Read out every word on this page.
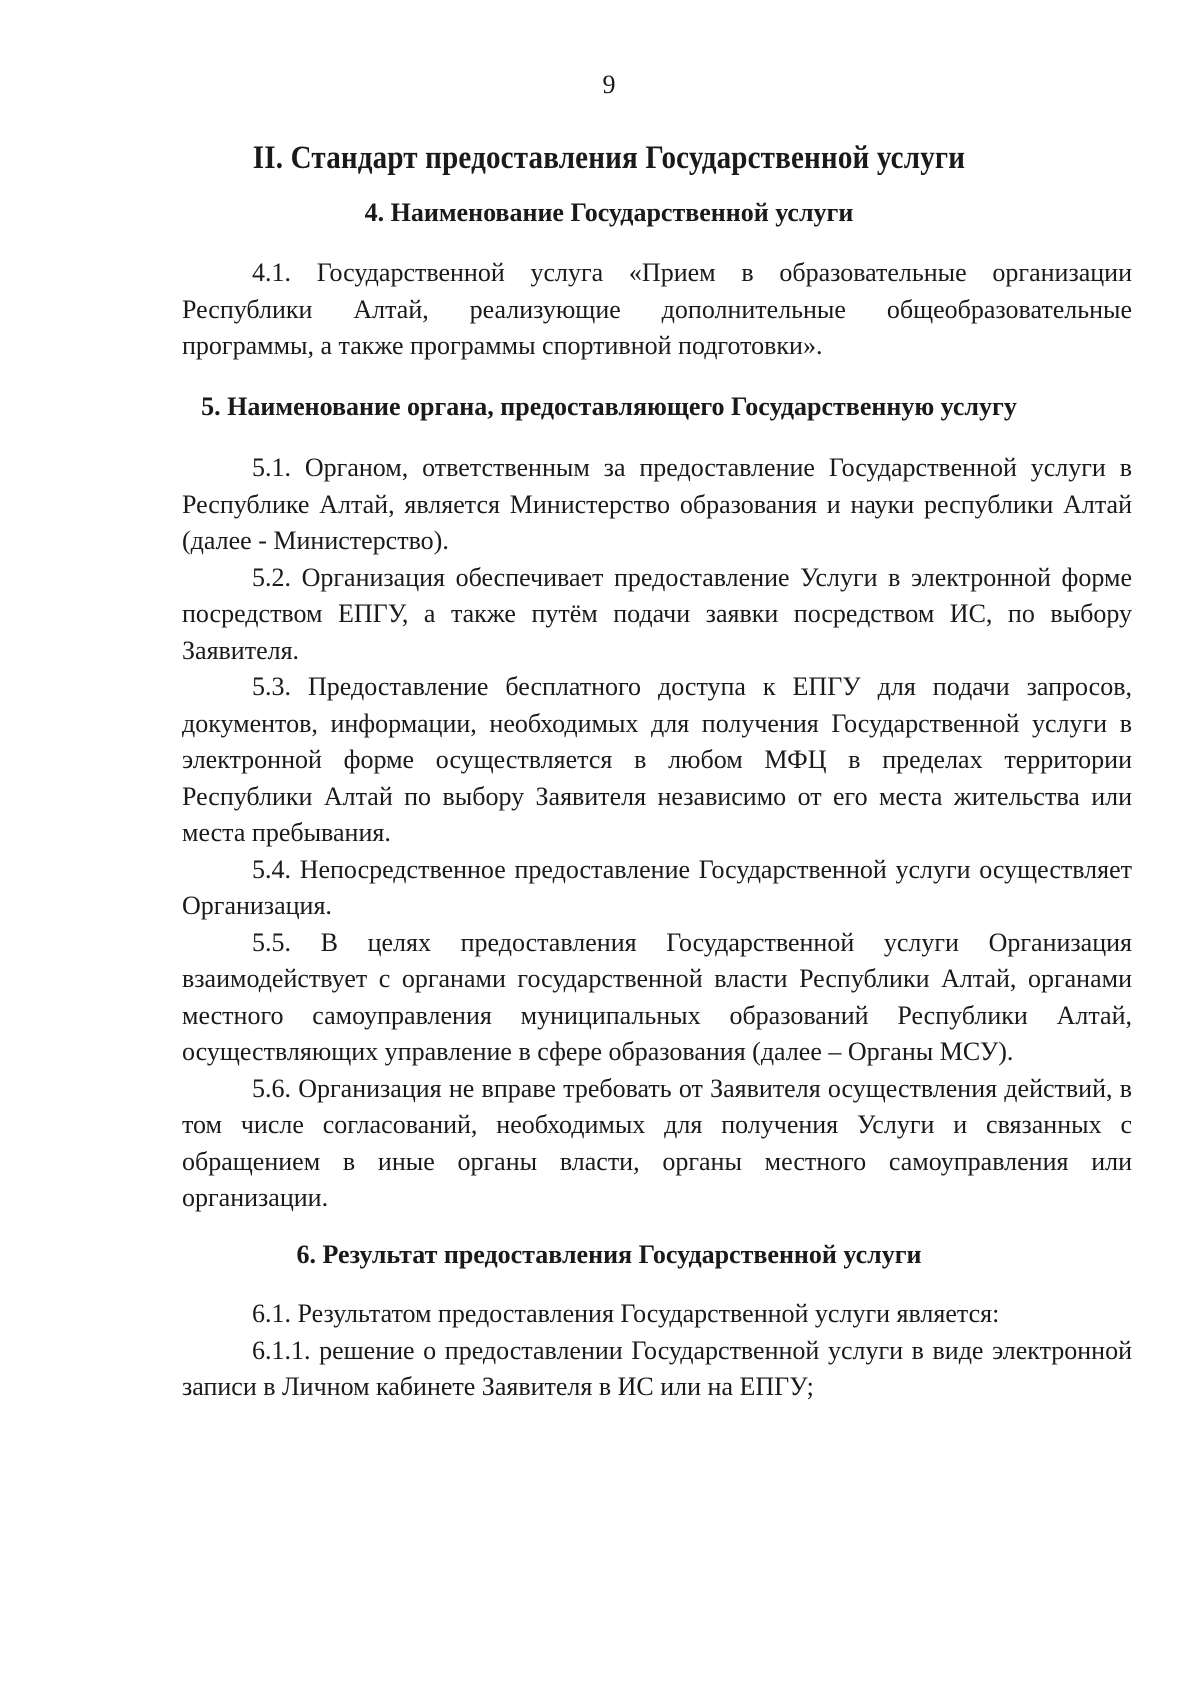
9
II. Стандарт предоставления Государственной услуги
4. Наименование Государственной услуги

4.1. Государственной услуга «Прием в образовательные организации Республики Алтай, реализующие дополнительные общеобразовательные программы, а также программы спортивной подготовки».

5. Наименование органа, предоставляющего Государственную услугу

5.1. Органом, ответственным за предоставление Государственной услуги в Республике Алтай, является Министерство образования и науки республики Алтай (далее - Министерство).

5.2. Организация обеспечивает предоставление Услуги в электронной форме посредством ЕПГУ, а также путём подачи заявки посредством ИС, по выбору Заявителя.

5.3. Предоставление бесплатного доступа к ЕПГУ для подачи запросов, документов, информации, необходимых для получения Государственной услуги в электронной форме осуществляется в любом МФЦ в пределах территории Республики Алтай по выбору Заявителя независимо от его места жительства или места пребывания.

5.4. Непосредственное предоставление Государственной услуги осуществляет Организация.

5.5. В целях предоставления Государственной услуги Организация взаимодействует с органами государственной власти Республики Алтай, органами местного самоуправления муниципальных образований Республики Алтай, осуществляющих управление в сфере образования (далее – Органы МСУ).

5.6. Организация не вправе требовать от Заявителя осуществления действий, в том числе согласований, необходимых для получения Услуги и связанных с обращением в иные органы власти, органы местного самоуправления или организации.

6. Результат предоставления Государственной услуги

6.1. Результатом предоставления Государственной услуги является:

6.1.1. решение о предоставлении Государственной услуги в виде электронной записи в Личном кабинете Заявителя в ИС или на ЕПГУ;
